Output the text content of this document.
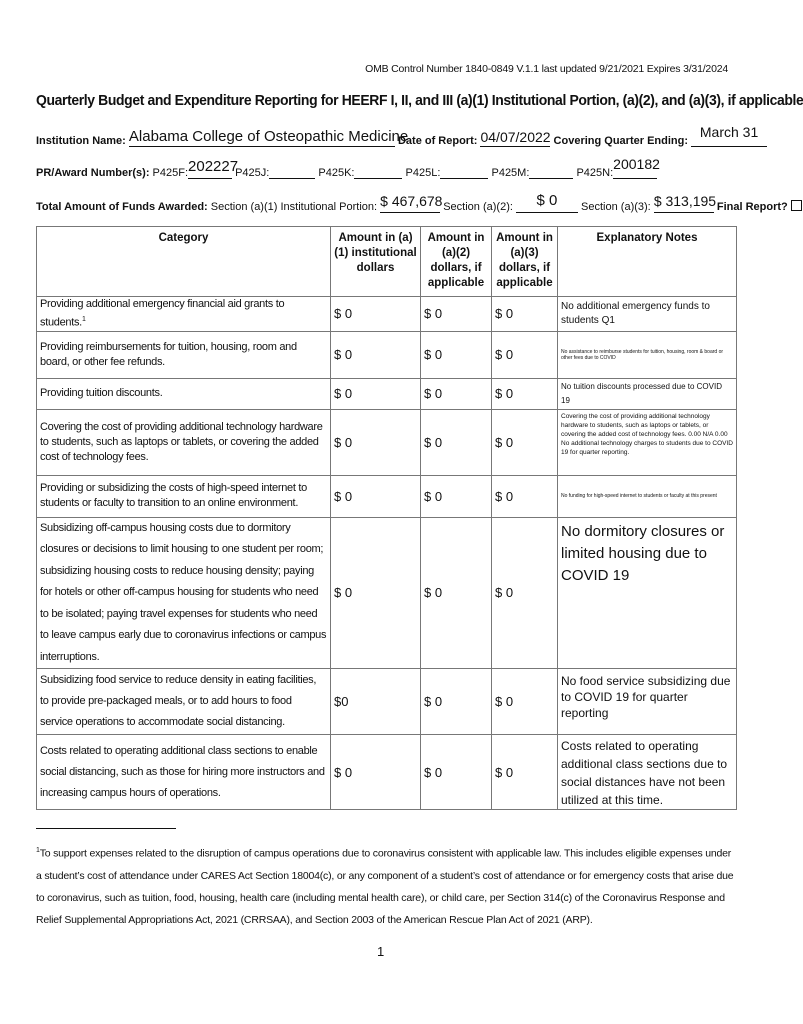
OMB Control Number 1840-0849 V.1.1 last updated 9/21/2021 Expires 3/31/2024
Quarterly Budget and Expenditure Reporting for HEERF I, II, and III (a)(1) Institutional Portion, (a)(2), and (a)(3), if applicable
Institution Name: Alabama College of Osteopathic Medicine
Date of Report: 04/07/2022 Covering Quarter Ending:
March 31
PR/Award Number(s): P425F: 202227
P425J:	P425K:	P425L:	P425M:	P425N:
200182
Total Amount of Funds Awarded: Section (a)(1) Institutional Portion: $ 467,678 Section (a)(2):	$ 0	Section (a)(3): $ 313,195 Final Report?
Category	Amount in (a)(1) institutional dollars	Amount in (a)(2) dollars, if applicable	Amount in (a)(3) dollars, if applicable	Explanatory Notes
Providing additional emergency financial aid grants to students.$^1$	$ 0	$ 0	$ 0	No additional emergency funds to students Q1
Providing reimbursements for tuition, housing, room and board, or other fee refunds.	$ 0	$ 0	$ 0	No assistance to reimburse students for tuition, housing, room & board or other fees due to COVID
Providing tuition discounts.	$ 0	$ 0	$ 0	No tuition discounts processed due to COVID 19
Covering the cost of providing additional technology hardware to students, such as laptops or tablets, or covering the added cost of technology fees.	$ 0	$ 0	$ 0	Covering the cost of providing additional technology hardware to students, such as laptops or tablets, or covering the added cost of technology fees. 0.00 N/A 0.00 No additional technology charges to students due to COVID 19 for quarter reporting.
Providing or subsidizing the costs of high-speed internet to students or faculty to transition to an online environment.	$ 0	$ 0	$ 0	No funding for high-speed internet to students or faculty at this present
Subsidizing off-campus housing costs due to dormitory closures or decisions to limit housing to one student per room; subsidizing housing costs to reduce housing density; paying for hotels or other off-campus housing for students who need to be isolated; paying travel expenses for students who need to leave campus early due to coronavirus infections or campus interruptions.	$ 0	$ 0	$ 0	No dormitory closures or limited housing due to COVID 19
Subsidizing food service to reduce density in eating facilities, to provide pre-packaged meals, or to add hours to food service operations to accommodate social distancing.	$0	$ 0	$ 0	No food service subsidizing due to COVID 19 for quarter reporting
Costs related to operating additional class sections to enable social distancing, such as those for hiring more instructors and increasing campus hours of operations.	$ 0	$ 0	$ 0	Costs related to operating additional class sections due to social distances have not been utilized at this time.
$^1$To support expenses related to the disruption of campus operations due to coronavirus consistent with applicable law. This includes eligible expenses under a student’s cost of attendance under CARES Act Section 18004(c), or any component of a student’s cost of attendance or for emergency costs that arise due to coronavirus, such as tuition, food, housing, health care (including mental health care), or child care, per Section 314(c) of the Coronavirus Response and Relief Supplemental Appropriations Act, 2021 (CRRSAA), and Section 2003 of the American Rescue Plan Act of 2021 (ARP).
1
